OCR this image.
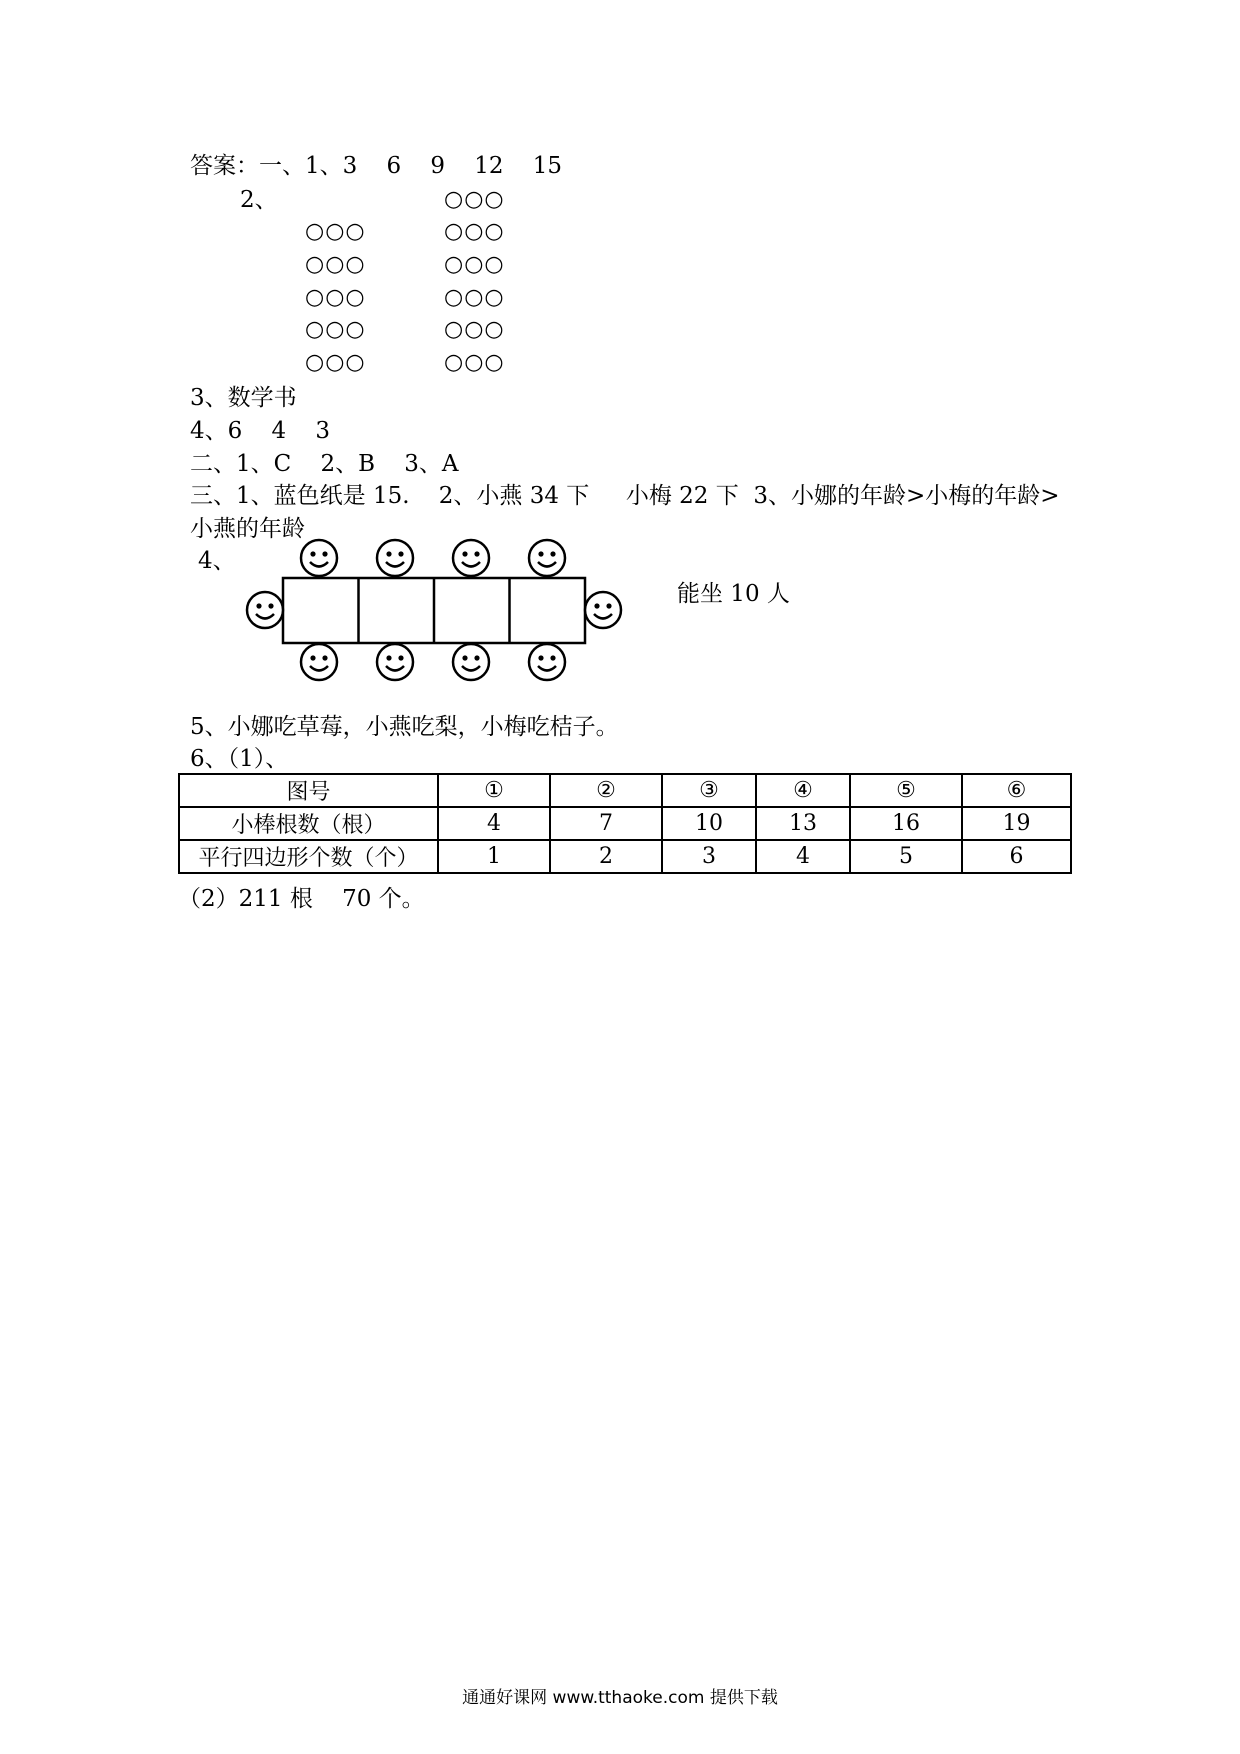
答案：一、1、3    6    9    12    15
2、	○○○
○○○	○○○
○○○	○○○
○○○	○○○
○○○	○○○
○○○	○○○
3、数学书
4、6    4    3
二、1、C    2、B    3、A
三、1、蓝色纸是 15.    2、小燕 34 下     小梅 22 下  3、小娜的年龄>小梅的年龄>
小燕的年龄
4、
能坐 10 人
5、小娜吃草莓，小燕吃梨，小梅吃桔子。
6、（1）、
图号	①	②	③	④	⑤	⑥
小棒根数（根）	4	7	10	13	16	19
平行四边形个数（个）	1	2	3	4	5	6
（2）211 根    70 个。
通通好课网 www.tthaoke.com 提供下载
